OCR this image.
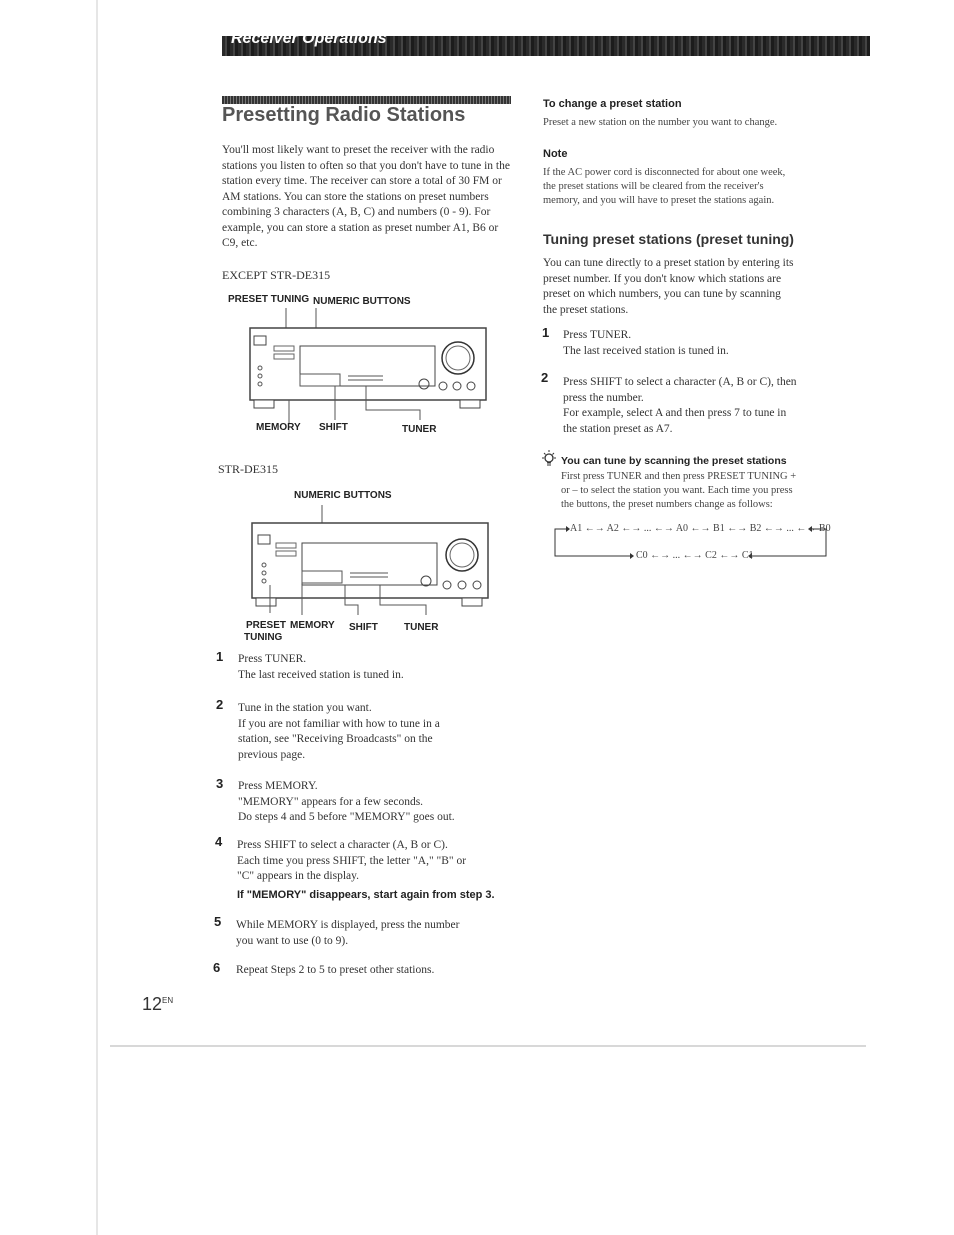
Receiver Operations
Presetting Radio Stations
You'll most likely want to preset the receiver with the radio stations you listen to often so that you don't have to tune in the station every time. The receiver can store a total of 30 FM or AM stations. You can store the stations on preset numbers combining 3 characters (A, B, C) and numbers (0 - 9). For example, you can store a station as preset number A1, B6 or C9, etc.
EXCEPT STR-DE315
PRESET TUNING NUMERIC BUTTONS
MEMORY SHIFT	TUNER
STR-DE315
NUMERIC BUTTONS
PRESET
TUNING
MEMORY SHIFT	TUNER
1 Press TUNER.
The last received station is tuned in.
2 Tune in the station you want.
If you are not familiar with how to tune in a
station, see "Receiving Broadcasts" on the
previous page.
3 Press MEMORY.
"MEMORY" appears for a few seconds.
Do steps 4 and 5 before "MEMORY" goes out.
4 Press SHIFT to select a character (A, B or C).
Each time you press SHIFT, the letter "A," "B" or
"C" appears in the display.
If "MEMORY" disappears, start again from step 3.
5 While MEMORY is displayed, press the number
you want to use (0 to 9).
6 Repeat Steps 2 to 5 to preset other stations.
To change a preset station
Preset a new station on the number you want to change.
Note
If the AC power cord is disconnected for about one week,
the preset stations will be cleared from the receiver's
memory, and you will have to preset the stations again.
Tuning preset stations (preset tuning)
You can tune directly to a preset station by entering its
preset number. If you don't know which stations are
preset on which numbers, you can tune by scanning
the preset stations.
1 Press TUNER.
The last received station is tuned in.
2 Press SHIFT to select a character (A, B or C), then
press the number.
For example, select A and then press 7 to tune in
the station preset as A7.
You can tune by scanning the preset stations
First press TUNER and then press PRESET TUNING +
or – to select the station you want. Each time you press
the buttons, the preset numbers change as follows:
A1 ←→ A2 ←→ ... ←→ A0 ←→ B1 ←→ B2 ←→ ... ←→ B0
C0 ←→ ... ←→ C2 ←→ C1
$12^{EN}$
